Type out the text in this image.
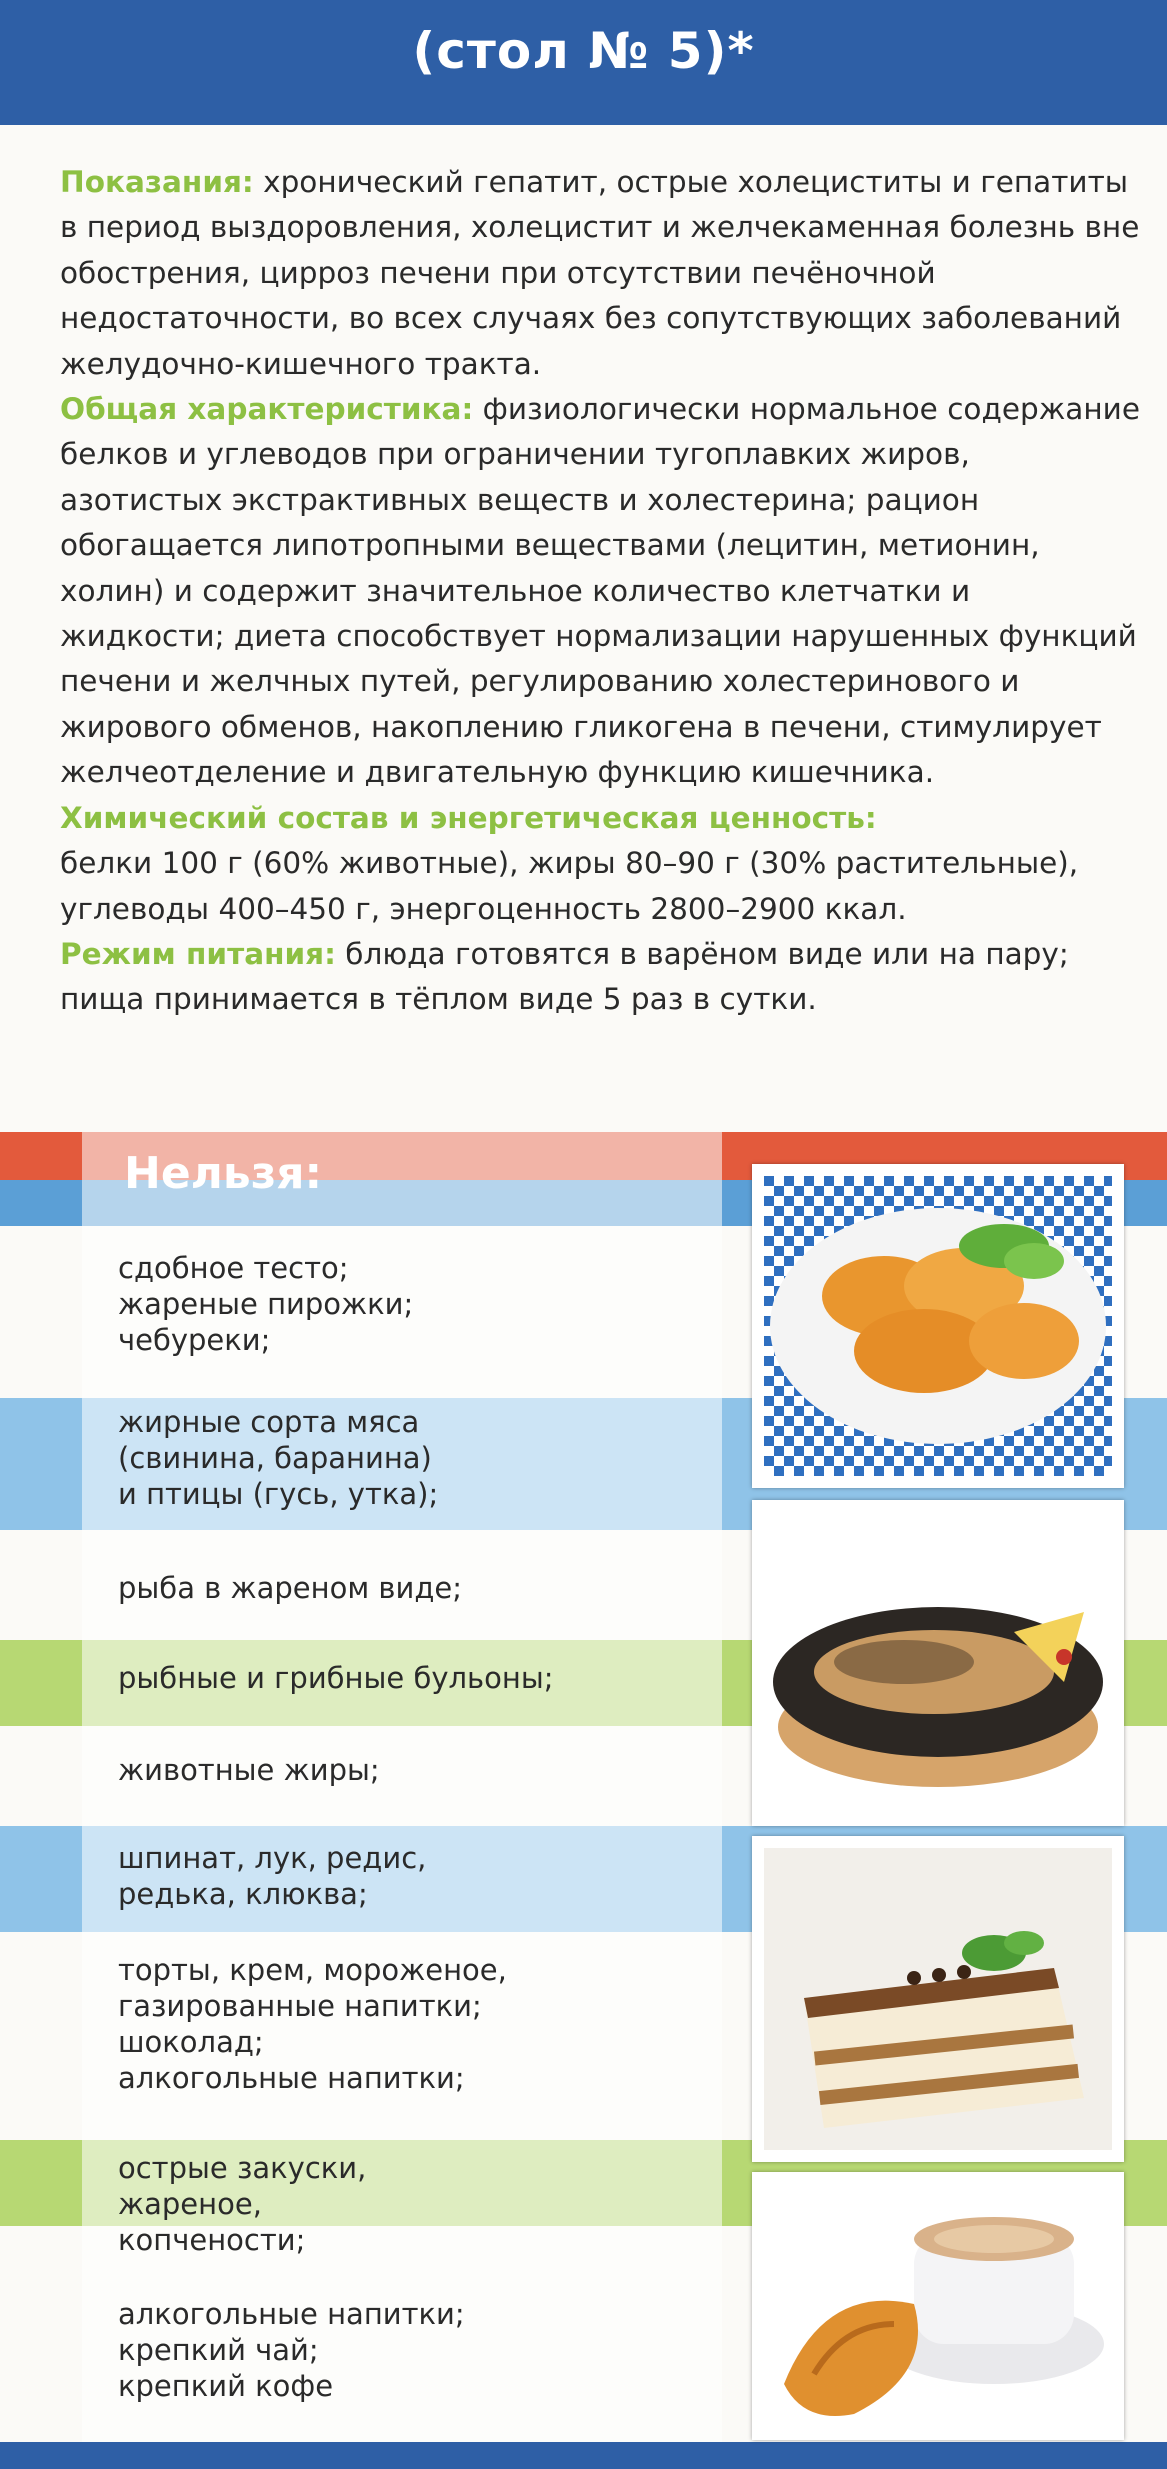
(стол № 5)*

Показания: хронический гепатит, острые холециститы и гепатиты в период выздоровления, холецистит и желчекаменная болезнь вне обострения, цирроз печени при отсутствии печёночной недостаточности, во всех случаях без сопутствующих заболеваний желудочно-кишечного тракта.

Общая характеристика: физиологически нормальное содержание белков и углеводов при ограничении тугоплавких жиров, азотистых экстрактивных веществ и холестерина; рацион обогащается липотропными веществами (лецитин, метионин, холин) и содержит значительное количество клетчатки и жидкости; диета способствует нормализации нарушенных функций печени и желчных путей, регулированию холестеринового и жирового обменов, накоплению гликогена в печени, стимулирует желчеотделение и двигательную функцию кишечника.

Химический состав и энергетическая ценность:
белки 100 г (60% животные), жиры 80–90 г (30% растительные),
углеводы 400–450 г, энергоценность 2800–2900 ккал.

Режим питания: блюда готовятся в варёном виде или на пару; пища принимается в тёплом виде 5 раз в сутки.

Нельзя:
сдобное тесто;
жареные пирожки;
чебуреки;
жирные сорта мяса
(свинина, баранина)
и птицы (гусь, утка);
рыба в жареном виде;
рыбные и грибные бульоны;
животные жиры;
шпинат, лук, редис,
редька, клюква;
торты, крем, мороженое,
газированные напитки;
шоколад;
алкогольные напитки;
острые закуски,
жареное,
копчености;
алкогольные напитки;
крепкий чай;
крепкий кофе
